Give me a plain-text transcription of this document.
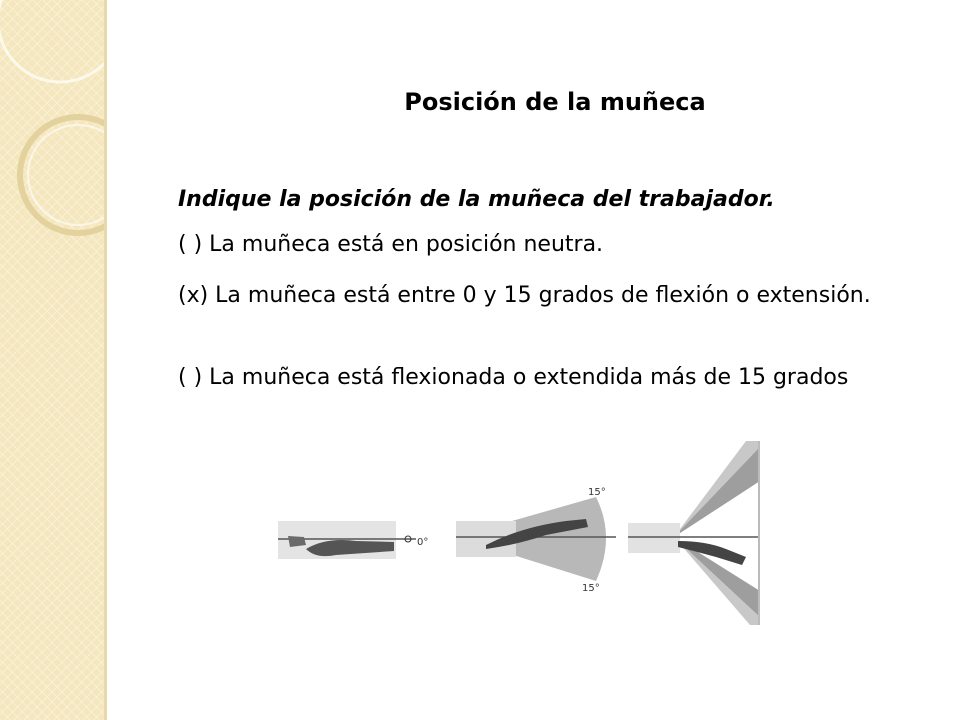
Posición de la muñeca
Indique la posición de la muñeca del trabajador.
( ) La muñeca está en posición neutra.
(x) La muñeca está entre 0 y 15 grados de flexión o extensión.
( ) La muñeca está flexionada o extendida más de 15 grados
0°
15°
15°
